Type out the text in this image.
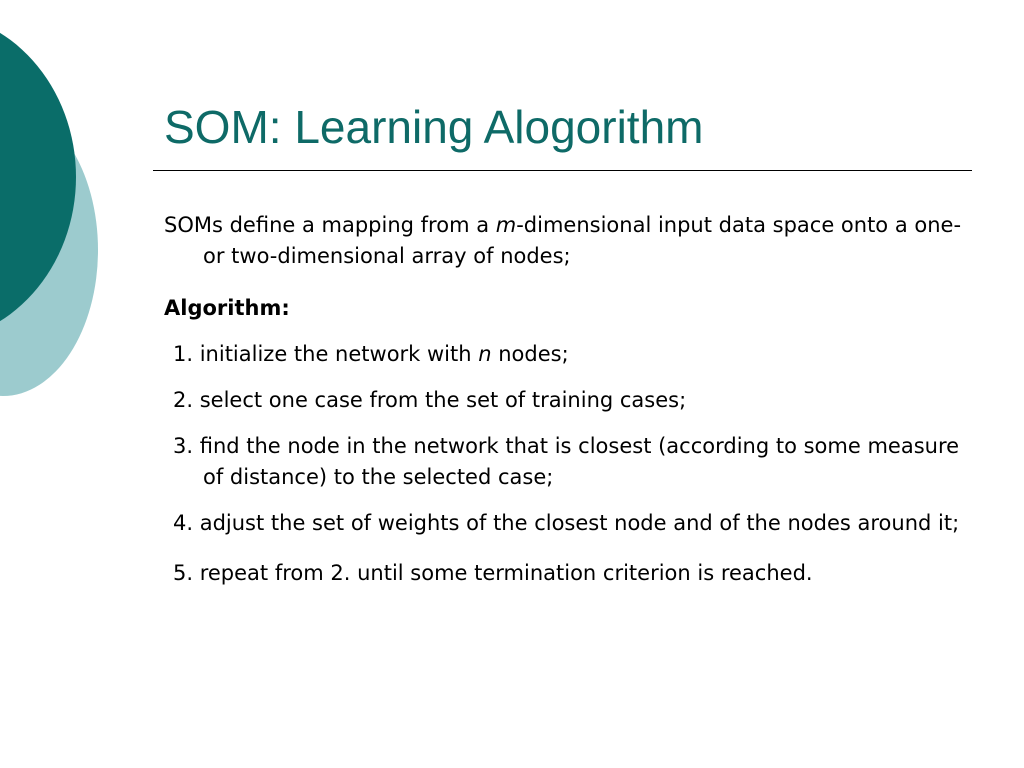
SOM: Learning Alogorithm

SOMs define a mapping from a m-dimensional input data space onto a one- or two-dimensional array of nodes;

Algorithm:

1. initialize the network with n nodes;

2. select one case from the set of training cases;

3. find the node in the network that is closest (according to some measure of distance) to the selected case;

4. adjust the set of weights of the closest node and of the nodes around it;

5. repeat from 2. until some termination criterion is reached.
